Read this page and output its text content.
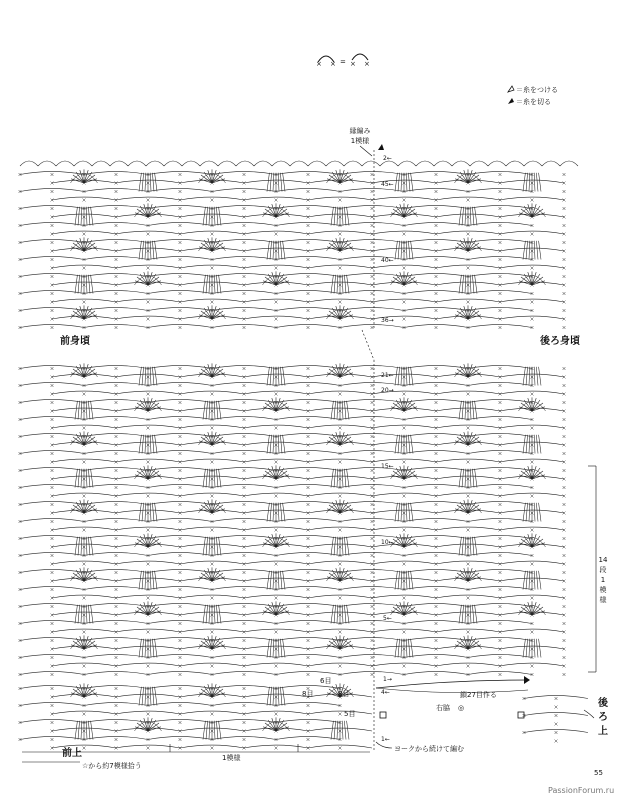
× × = × ×
＝糸をつける
＝糸を切る
縁編み
1模様
2←
45←
40←
36→
21←
20→
15←
10←
5←
1→
4←
1←
前身頃	後ろ身頃
14
段
1
模
様
6目
8目	8目
5目
鎖27目作る
右脇 ◎
1模様
前上
☆から約7模様拾う
ヨークから続けて編む
後
ろ
上
55
PassionForum.ru
